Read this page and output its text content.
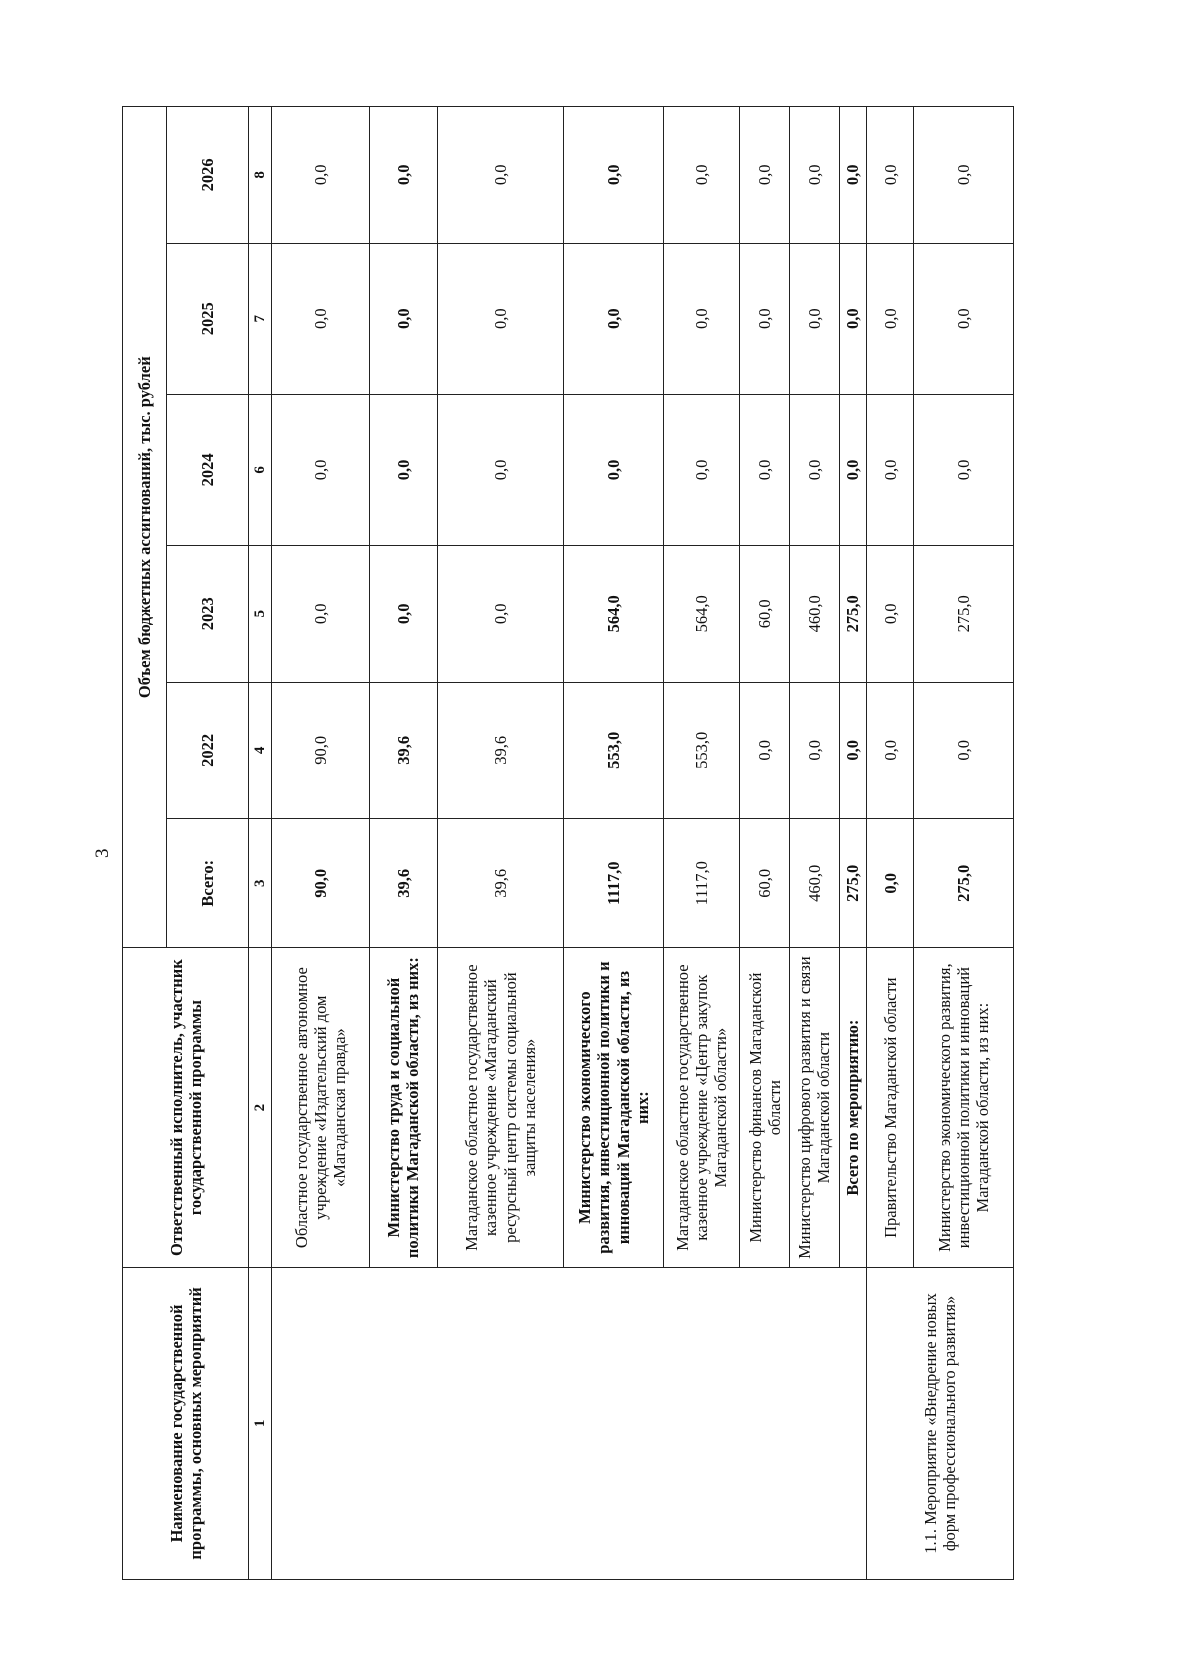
3
Наименование государственной программы, основных мероприятий	Ответственный исполнитель, участник государственной программы	Объем бюджетных ассигнований, тыс. рублей					
		Всего:	2022	2023	2024	2025	2026
1	2	3	4	5	6	7	8
	Областное государственное автономное учреждение «Издательский дом «Магаданская правда»	90,0	90,0	0,0	0,0	0,0	0,0
	Министерство труда и социальной политики Магаданской области, из них:	39,6	39,6	0,0	0,0	0,0	0,0
	Магаданское областное государственное казенное учреждение «Магаданский ресурсный центр системы социальной защиты населения»	39,6	39,6	0,0	0,0	0,0	0,0
	Министерство экономического развития, инвестиционной политики и инноваций Магаданской области, из них:	1117,0	553,0	564,0	0,0	0,0	0,0
	Магаданское областное государственное казенное учреждение «Центр закупок Магаданской области»	1117,0	553,0	564,0	0,0	0,0	0,0
	Министерство финансов Магаданской области	60,0	0,0	60,0	0,0	0,0	0,0
	Министерство цифрового развития и связи Магаданской области	460,0	0,0	460,0	0,0	0,0	0,0
	Всего по мероприятию:	275,0	0,0	275,0	0,0	0,0	0,0
1.1. Мероприятие «Внедрение новых форм профессионального развития»	Правительство Магаданской области	0,0	0,0	0,0	0,0	0,0	0,0
	Министерство экономического развития, инвестиционной политики и инноваций Магаданской области, из них:	275,0	0,0	275,0	0,0	0,0	0,0
